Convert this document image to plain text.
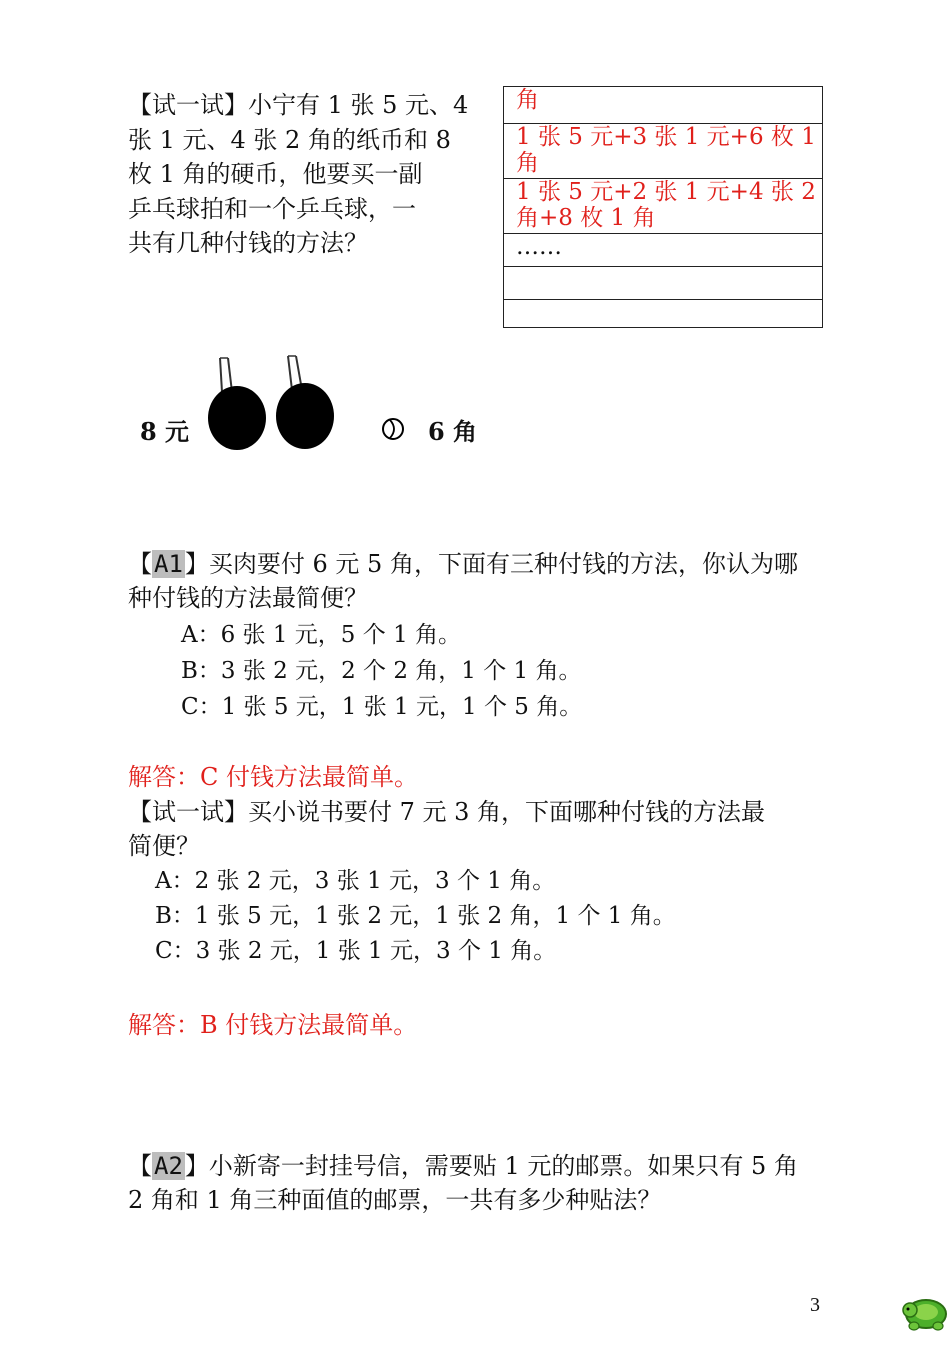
【试一试】小宁有 1 张 5 元、4
张 1 元、4 张 2 角的纸币和 8
枚 1 角的硬币，他要买一副
乒乓球拍和一个乒乓球，一
共有几种付钱的方法？
角

1 张 5 元+3 张 1 元+6 枚 1
角

1 张 5 元+2 张 1 元+4 张 2
角+8 枚 1 角

……

8 元	6 角
【A1】买肉要付 6 元 5 角，下面有三种付钱的方法，你认为哪
种付钱的方法最简便？
A：6 张 1 元，5 个 1 角。
B：3 张 2 元，2 个 2 角，1 个 1 角。
C：1 张 5 元，1 张 1 元，1 个 5 角。
解答：C 付钱方法最简单。
【试一试】买小说书要付 7 元 3 角，下面哪种付钱的方法最
简便？
A：2 张 2 元，3 张 1 元，3 个 1 角。
B：1 张 5 元，1 张 2 元，1 张 2 角，1 个 1 角。
C：3 张 2 元，1 张 1 元，3 个 1 角。
解答：B 付钱方法最简单。
【A2】小新寄一封挂号信，需要贴 1 元的邮票。如果只有 5 角
2 角和 1 角三种面值的邮票，一共有多少种贴法？
3
